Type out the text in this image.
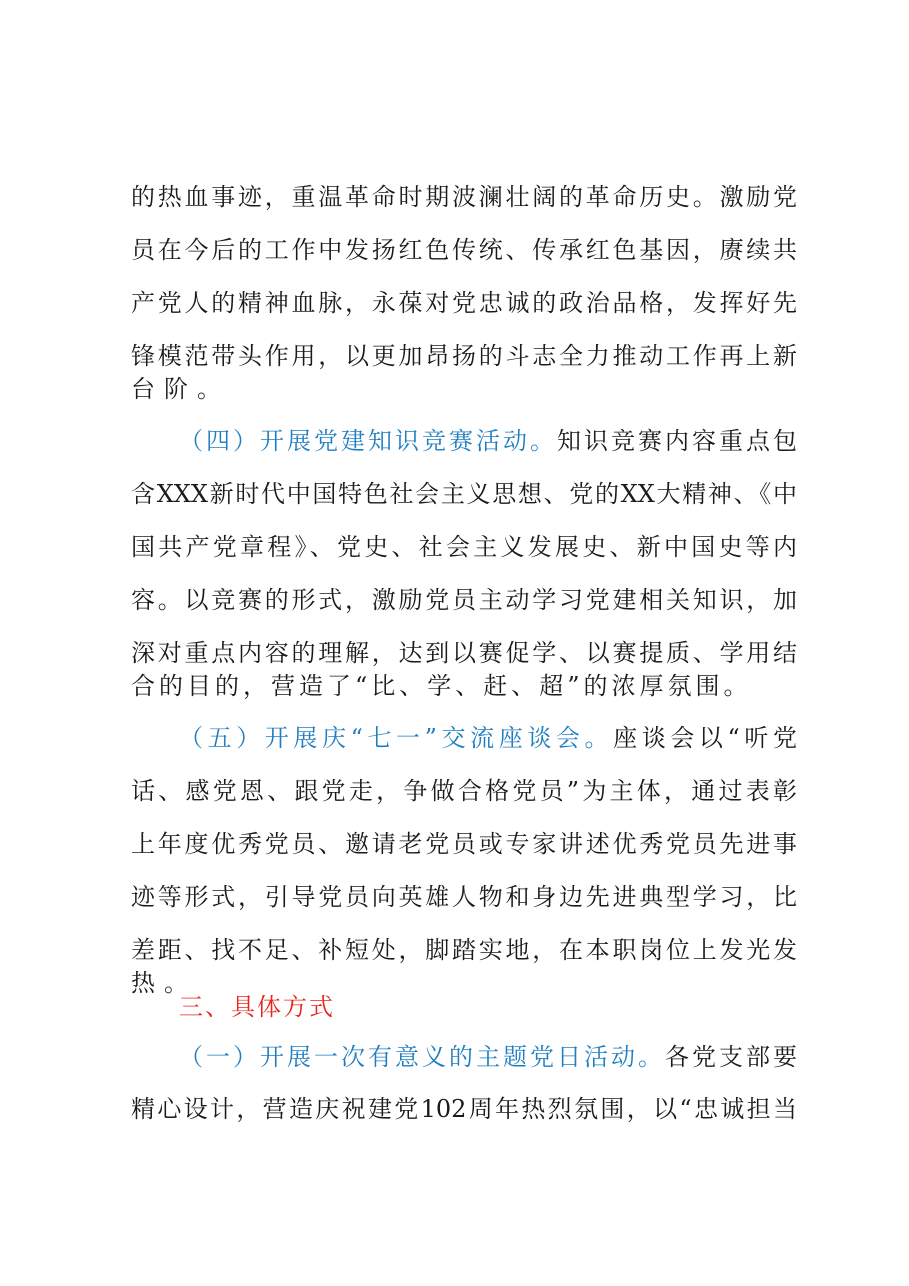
的热血事迹，重温革命时期波澜壮阔的革命历史。激励党
员在今后的工作中发扬红色传统、传承红色基因，赓续共
产党人的精神血脉，永葆对党忠诚的政治品格，发挥好先
锋模范带头作用，以更加昂扬的斗志全力推动工作再上新
台阶。
（四）开展党建知识竞赛活动。知识竞赛内容重点包
含XXX新时代中国特色社会主义思想、党的XX大精神、《中
国共产党章程》、党史、社会主义发展史、新中国史等内
容。以竞赛的形式，激励党员主动学习党建相关知识，加
深对重点内容的理解，达到以赛促学、以赛提质、学用结
合的目的，营造了“比、学、赶、超”的浓厚氛围。
（五）开展庆“七一”交流座谈会。座谈会以“听党
话、感党恩、跟党走，争做合格党员”为主体，通过表彰
上年度优秀党员、邀请老党员或专家讲述优秀党员先进事
迹等形式，引导党员向英雄人物和身边先进典型学习，比
差距、找不足、补短处，脚踏实地，在本职岗位上发光发
热。
三、具体方式
（一）开展一次有意义的主题党日活动。各党支部要
精心设计，营造庆祝建党102周年热烈氛围，以“忠诚担当
